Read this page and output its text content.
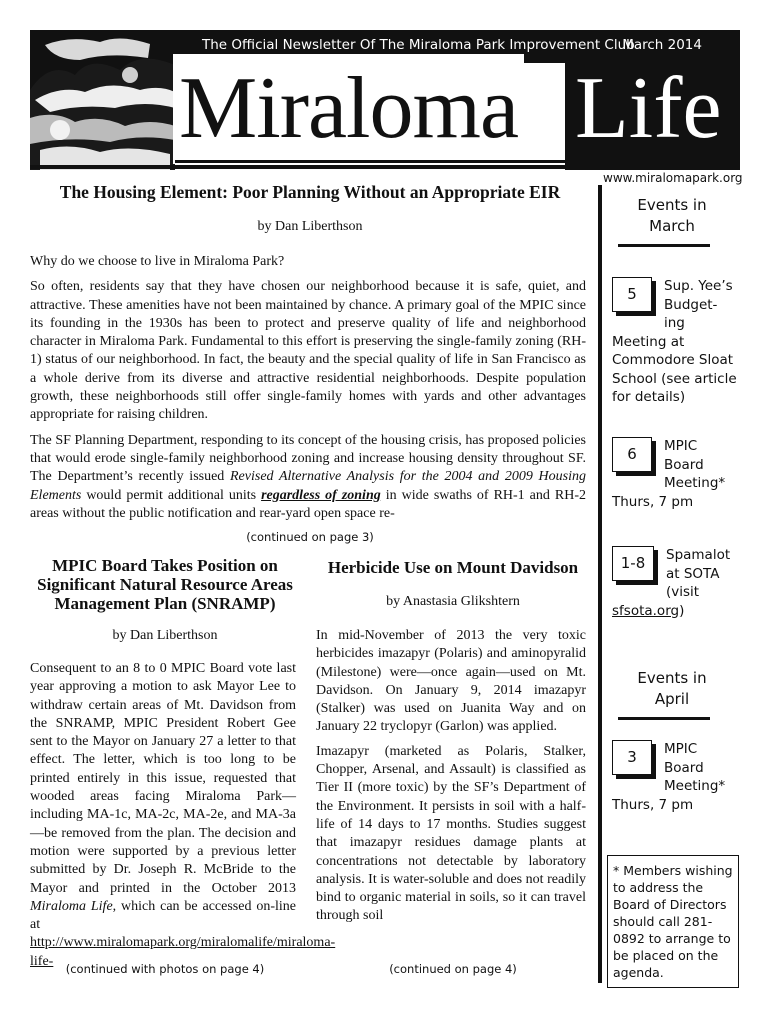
The Official Newsletter Of The Miraloma Park Improvement Club
March 2014
Miraloma Life
www.miralomapark.org
The Housing Element: Poor Planning Without an Appropriate EIR
by Dan Liberthson

Why do we choose to live in Miraloma Park?

So often, residents say that they have chosen our neighborhood because it is safe, quiet, and attractive. These amenities have not been maintained by chance. A primary goal of the MPIC since its founding in the 1930s has been to protect and preserve quality of life and neighborhood character in Miraloma Park. Fundamental to this effort is preserving the single-family zoning (RH-1) status of our neighborhood. In fact, the beauty and the special quality of life in San Francisco as a whole derive from its diverse and attractive residential neighborhoods. Despite population growth, these neighborhoods still offer single-family homes with yards and other advantages appropriate for raising children.

The SF Planning Department, responding to its concept of the housing crisis, has proposed policies that would erode single-family neighborhood zoning and increase housing density throughout SF. The Department’s recently issued Revised Alternative Analysis for the 2004 and 2009 Housing Elements would permit additional units regardless of zoning in wide swaths of RH-1 and RH-2 areas without the public notification and rear-yard open space re-

(continued on page 3)
MPIC Board Takes Position on Significant Natural Resource Areas Management Plan (SNRAMP)
by Dan Liberthson

Consequent to an 8 to 0 MPIC Board vote last year approving a motion to ask Mayor Lee to withdraw certain areas of Mt. Davidson from the SNRAMP, MPIC President Robert Gee sent to the Mayor on January 27 a letter to that effect. The letter, which is too long to be printed entirely in this issue, requested that wooded areas facing Miraloma Park—including MA-1c, MA-2c, MA-2e, and MA-3a—be removed from the plan. The decision and motion were supported by a previous letter submitted by Dr. Joseph R. McBride to the Mayor and printed in the October 2013 Miraloma Life, which can be accessed on-line at http://www.miralomapark.org/miralomalife/miraloma-life-

(continued with photos on page 4)
Herbicide Use on Mount Davidson
by Anastasia Glikshtern

In mid-November of 2013 the very toxic herbicides imazapyr (Polaris) and aminopyralid (Milestone) were—once again—used on Mt. Davidson. On January 9, 2014 imazapyr (Stalker) was used on Juanita Way and on January 22 tryclopyr (Garlon) was applied.

Imazapyr (marketed as Polaris, Stalker, Chopper, Arsenal, and Assault) is classified as Tier II (more toxic) by the SF’s Department of the Environment. It persists in soil with a half-life of 14 days to 17 months. Studies suggest that imazapyr residues damage plants at concentrations not detectable by laboratory analysis. It is water-soluble and does not readily bind to organic material in soils, so it can travel through soil

(continued on page 4)
Events in
March
5	Sup. Yee’s Budget-ing Meeting at Commodore Sloat School (see article for details)
6	MPIC Board Meeting* Thurs, 7 pm
1-8	Spamalot at SOTA (visit sfsota.org)
Events in
April
3	MPIC Board Meeting* Thurs, 7 pm
* Members wishing to address the Board of Directors should call 281-0892 to arrange to be placed on the agenda.
